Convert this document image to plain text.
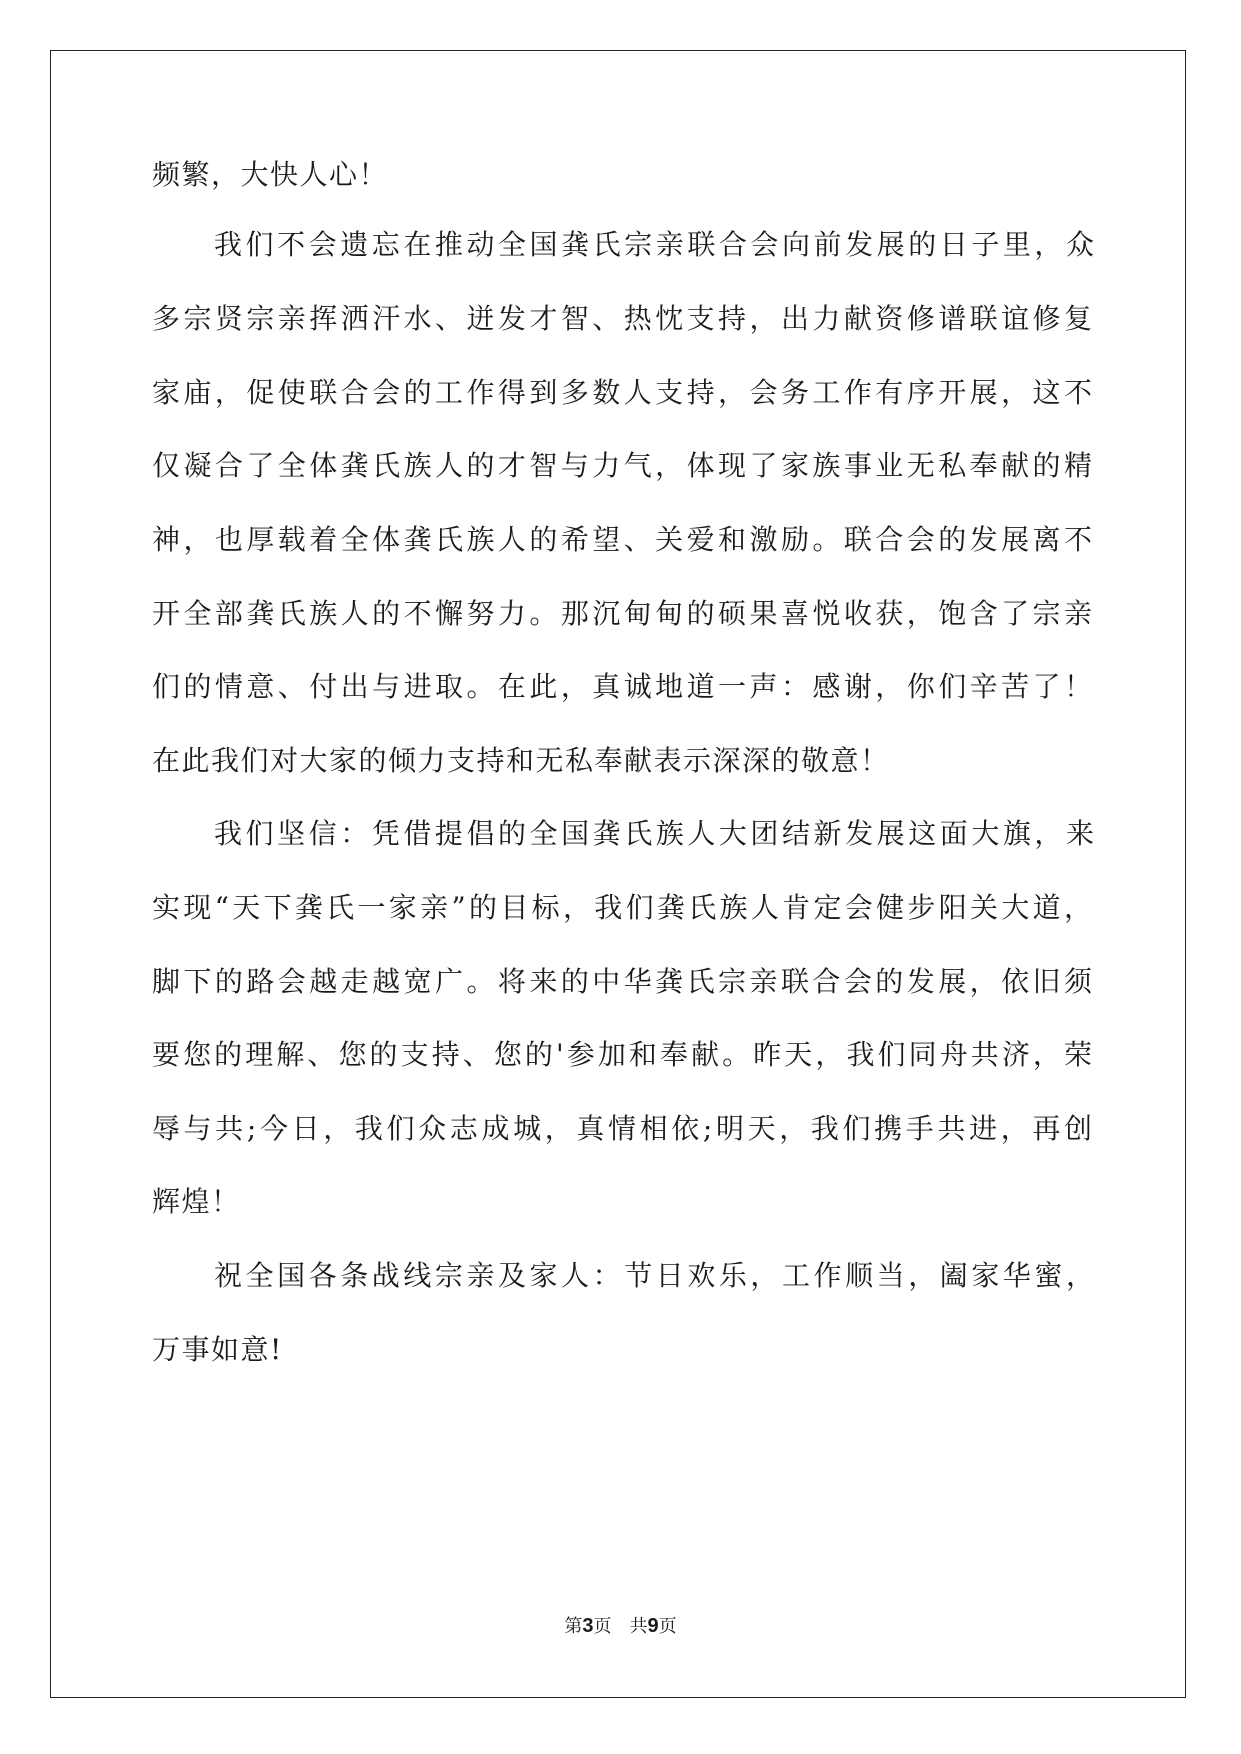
频繁，大快人心！
我们不会遗忘在推动全国龚氏宗亲联合会向前发展的日子里，众
多宗贤宗亲挥洒汗水、迸发才智、热忱支持，出力献资修谱联谊修复
家庙，促使联合会的工作得到多数人支持，会务工作有序开展，这不
仅凝合了全体龚氏族人的才智与力气，体现了家族事业无私奉献的精
神，也厚载着全体龚氏族人的希望、关爱和激励。联合会的发展离不
开全部龚氏族人的不懈努力。那沉甸甸的硕果喜悦收获，饱含了宗亲
们的情意、付出与进取。在此，真诚地道一声：感谢，你们辛苦了！
在此我们对大家的倾力支持和无私奉献表示深深的敬意！
我们坚信：凭借提倡的全国龚氏族人大团结新发展这面大旗，来
实现“天下龚氏一家亲”的目标，我们龚氏族人肯定会健步阳关大道，
脚下的路会越走越宽广。将来的中华龚氏宗亲联合会的发展，依旧须
要您的理解、您的支持、您的'参加和奉献。昨天，我们同舟共济，荣
辱与共;今日，我们众志成城，真情相依;明天，我们携手共进，再创
辉煌！
祝全国各条战线宗亲及家人：节日欢乐，工作顺当，阖家华蜜，
万事如意!
第3页　共9页
